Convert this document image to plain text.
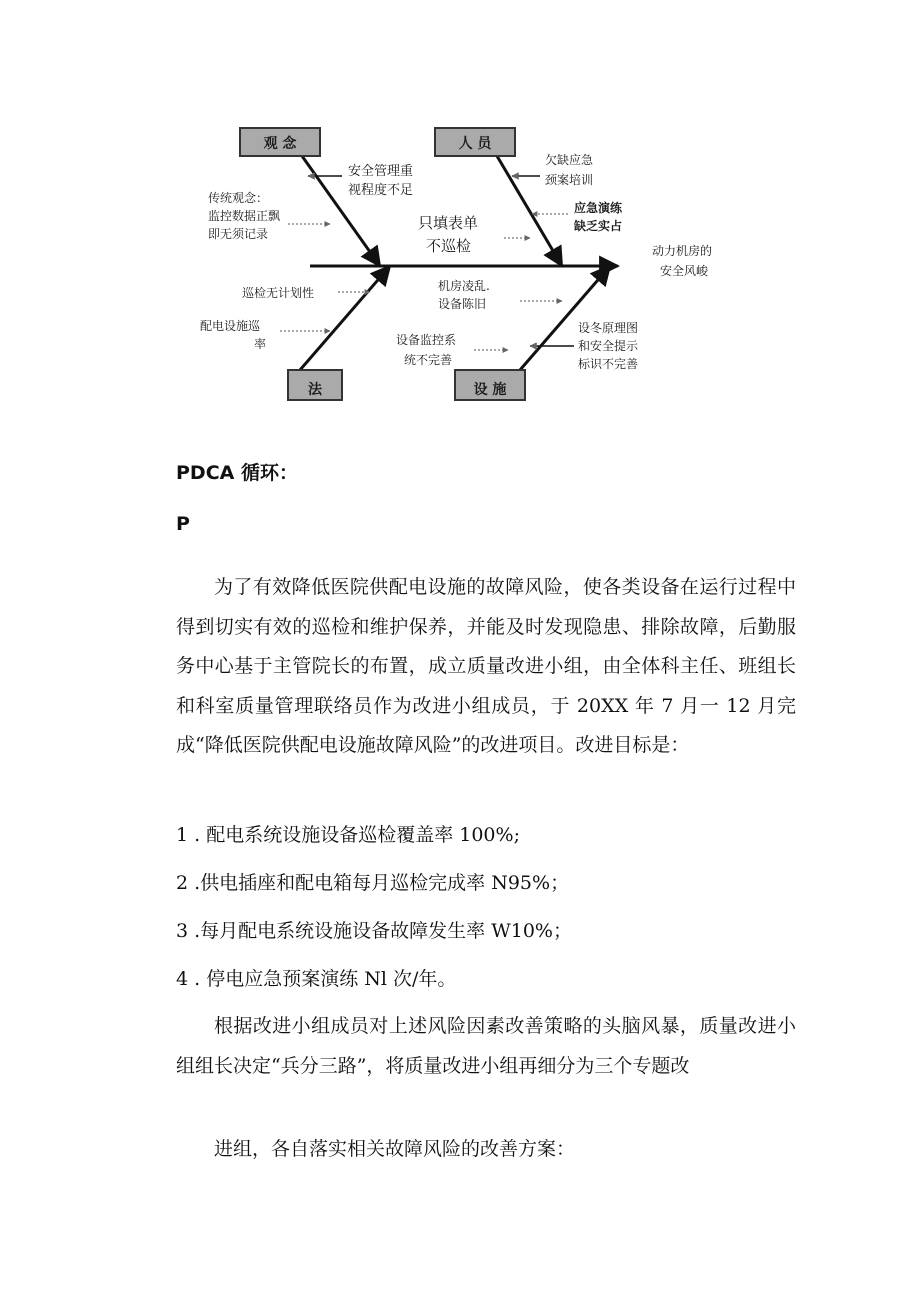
观 念	人 员
法	设 施
安全管理重 视程度不足
传统观念： 监控数据正飘 即无须记录
欠缺应急 颈案培训
应急演练 缺乏实占
只填表单 不巡检	动力机房的 安全风峻
巡检无计划性
配电设施巡 率
机房凌乱. 设备陈旧
设备监控系 统不完善
设冬原理图 和安全提示 标识不完善

PDCA 循环：

P

为了有效降低医院供配电设施的故障风险，使各类设备在运行过程中得到切实有效的巡检和维护保养，并能及时发现隐患、排除故障，后勤服务中心基于主管院长的布置，成立质量改进小组，由全体科主任、班组长和科室质量管理联络员作为改进小组成员，于 20XX 年 7 月一 12 月完成“降低医院供配电设施故障风险”的改进项目。改进目标是：

1 . 配电系统设施设备巡检覆盖率 100%;

2 .供电插座和配电箱每月巡检完成率 N95%；

3 .每月配电系统设施设备故障发生率 W10%；

4 . 停电应急预案演练 Nl 次/年。

根据改进小组成员对上述风险因素改善策略的头脑风暴，质量改进小组组长决定“兵分三路”，将质量改进小组再细分为三个专题改

进组，各自落实相关故障风险的改善方案：
